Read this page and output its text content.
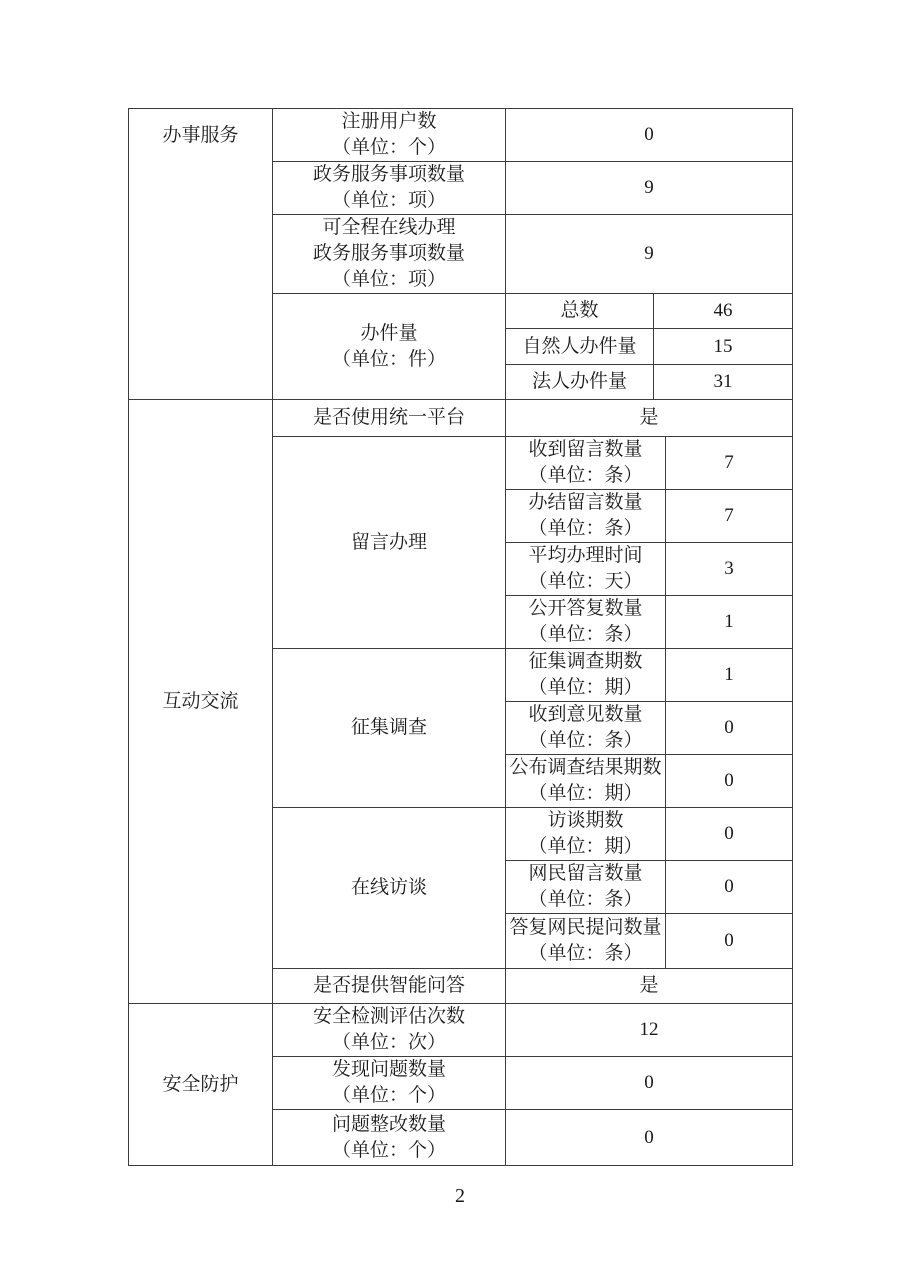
办事服务	注册用户数
（单位：个）	0		

	政务服务事项数量
（单位：项）	9		

	可全程在线办理
政务服务事项数量
（单位：项）	9		

	办件量
（单位：件）	总数	46	
		自然人办件量	15	
		法人办件量	31	

互动交流	是否使用统一平台	是		
	留言办理	收到留言数量
（单位：条）		7

		办结留言数量
（单位：条）		7

		平均办理时间
（单位：天）		3

		公开答复数量
（单位：条）		1
	征集调查	征集调查期数
（单位：期）		1

		收到意见数量
（单位：条）		0

		公布调查结果期数
（单位：期）		0
	在线访谈	访谈期数
（单位：期）		0

		网民留言数量
（单位：条）		0

		答复网民提问数量
（单位：条）		0
	是否提供智能问答	是		

安全防护	安全检测评估次数
（单位：次）	12		

	发现问题数量
（单位：个）	0		

	问题整改数量
（单位：个）	0		
2
